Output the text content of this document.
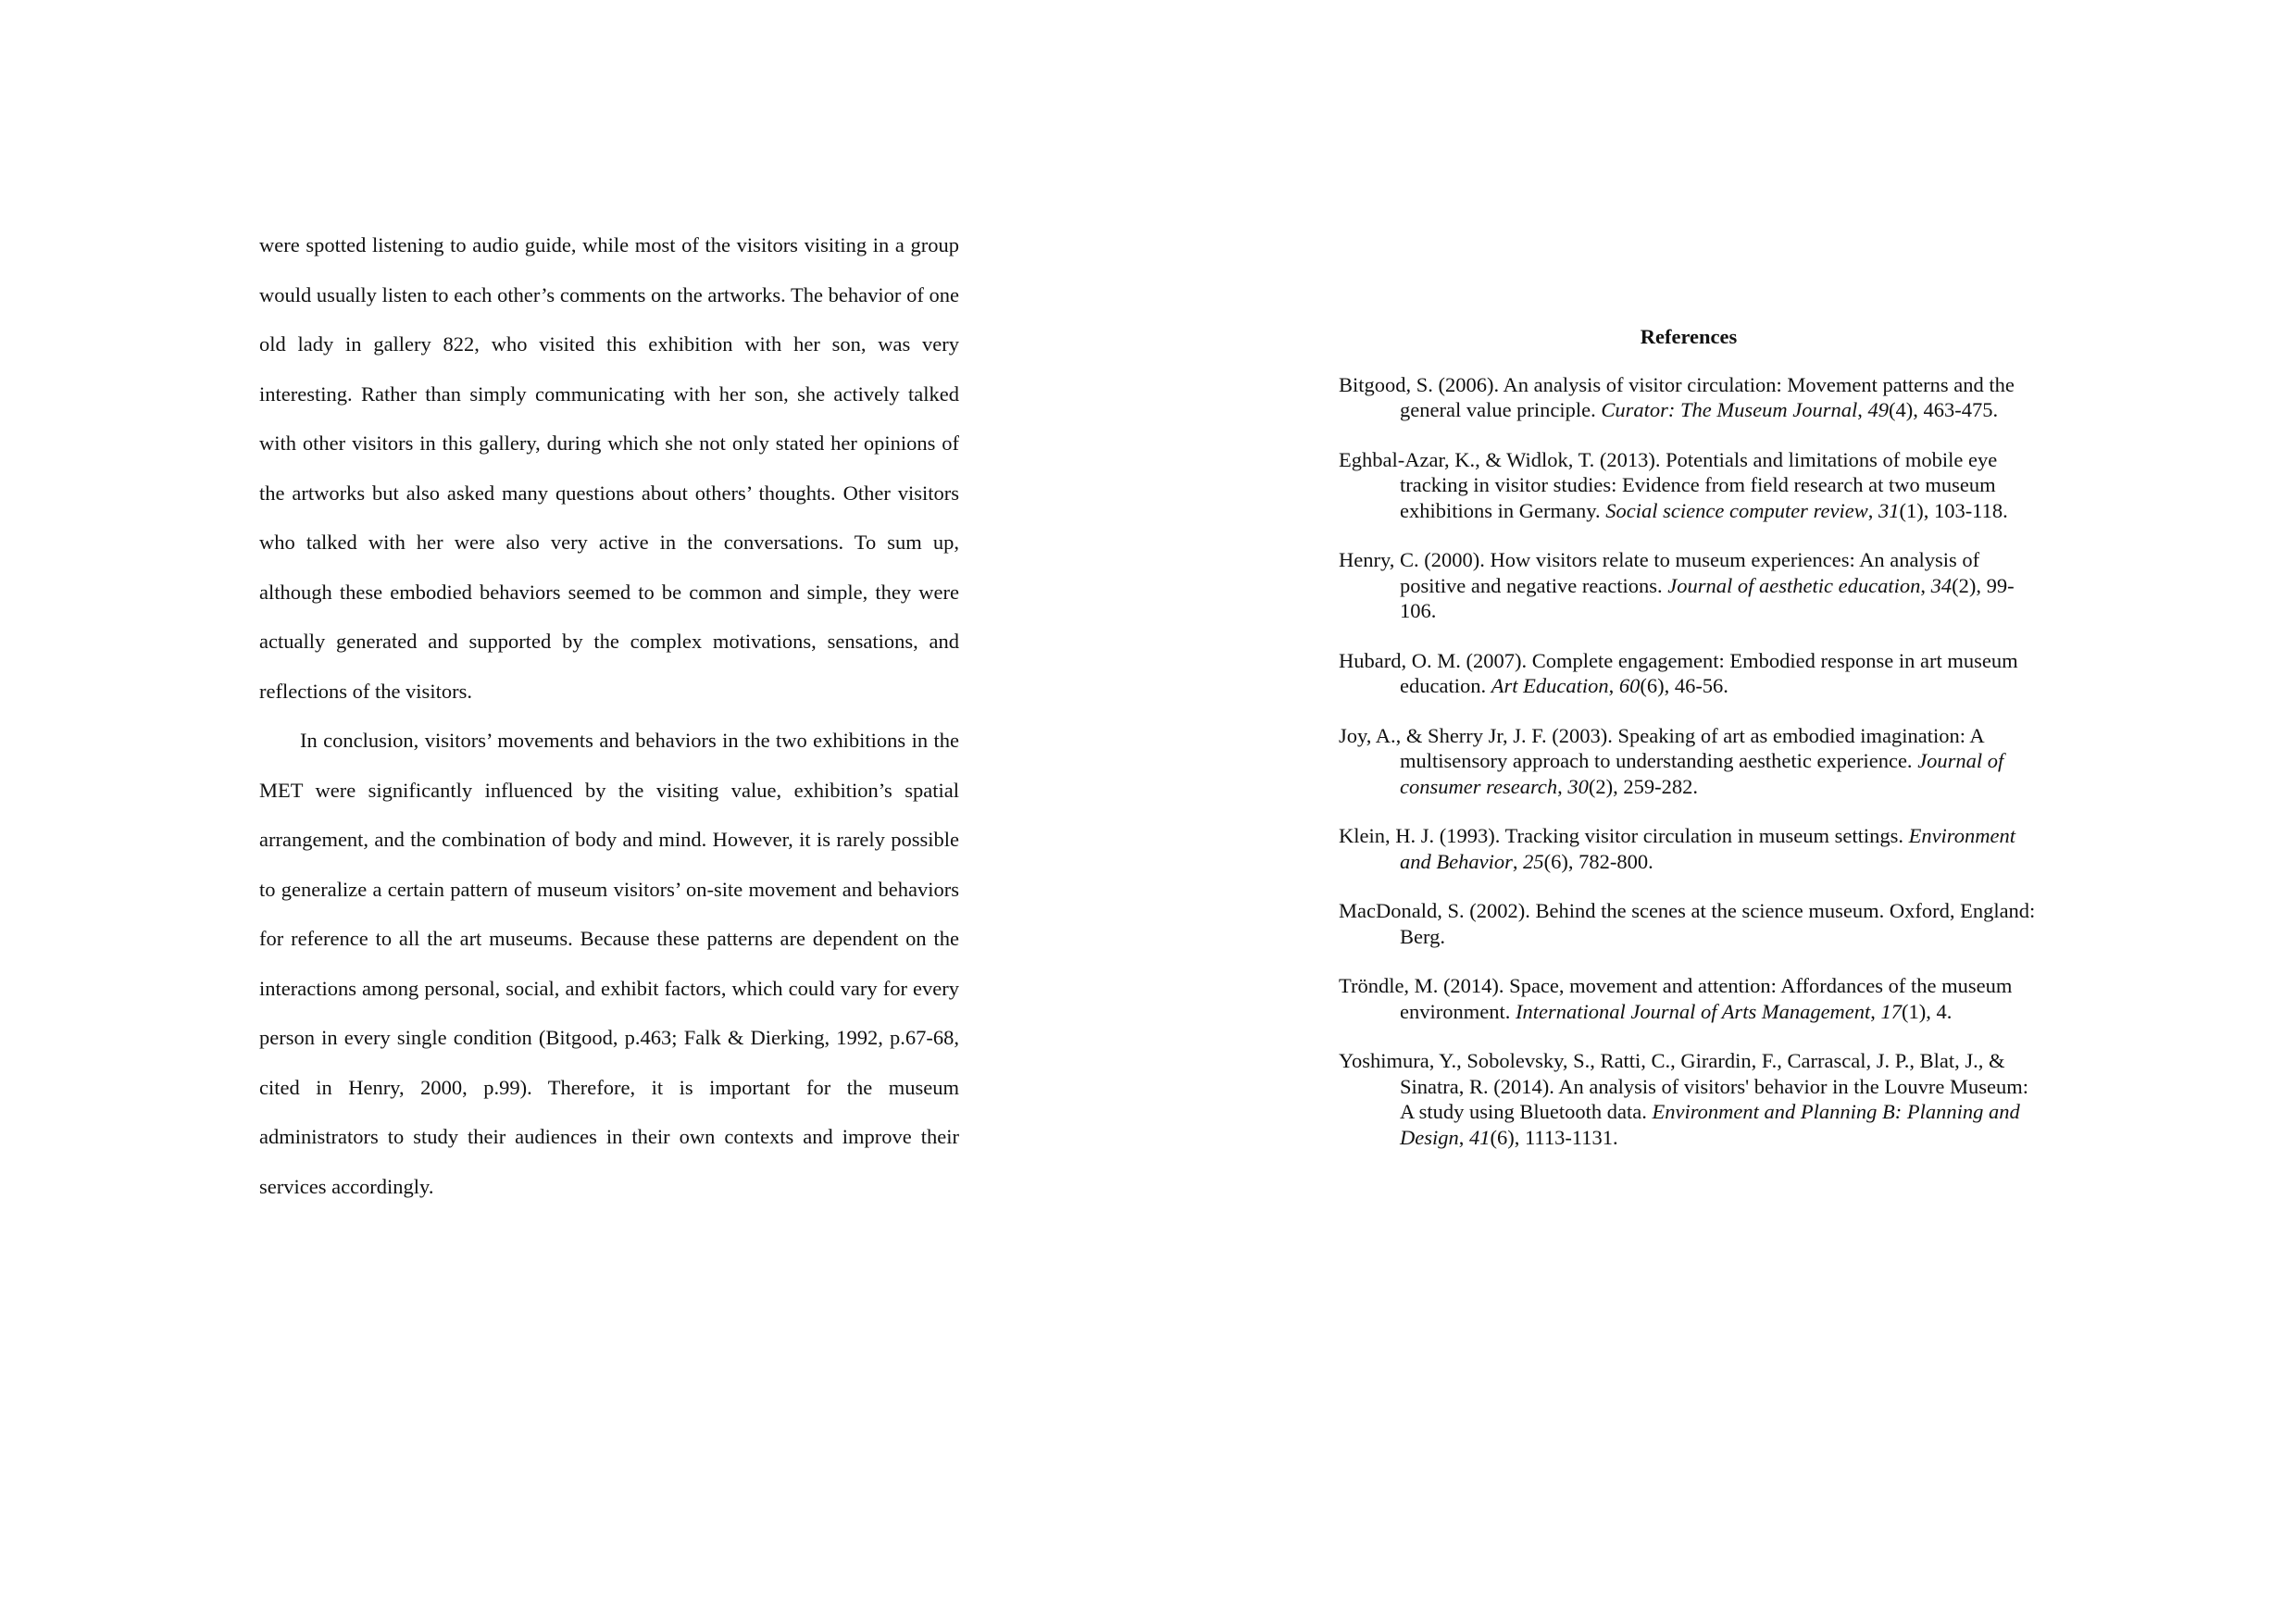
were spotted listening to audio guide, while most of the visitors visiting in a group would usually listen to each other’s comments on the artworks. The behavior of one old lady in gallery 822, who visited this exhibition with her son, was very interesting. Rather than simply communicating with her son, she actively talked with other visitors in this gallery, during which she not only stated her opinions of the artworks but also asked many questions about others’ thoughts. Other visitors who talked with her were also very active in the conversations. To sum up, although these embodied behaviors seemed to be common and simple, they were actually generated and supported by the complex motivations, sensations, and reflections of the visitors.

In conclusion, visitors’ movements and behaviors in the two exhibitions in the MET were significantly influenced by the visiting value, exhibition’s spatial arrangement, and the combination of body and mind. However, it is rarely possible to generalize a certain pattern of museum visitors’ on-site movement and behaviors for reference to all the art museums. Because these patterns are dependent on the interactions among personal, social, and exhibit factors, which could vary for every person in every single condition (Bitgood, p.463; Falk & Dierking, 1992, p.67-68, cited in Henry, 2000, p.99). Therefore, it is important for the museum administrators to study their audiences in their own contexts and improve their services accordingly.

References
Bitgood, S. (2006). An analysis of visitor circulation: Movement patterns and the general value principle. Curator: The Museum Journal, 49(4), 463-475.
Eghbal-Azar, K., & Widlok, T. (2013). Potentials and limitations of mobile eye tracking in visitor studies: Evidence from field research at two museum exhibitions in Germany. Social science computer review, 31(1), 103-118.
Henry, C. (2000). How visitors relate to museum experiences: An analysis of positive and negative reactions. Journal of aesthetic education, 34(2), 99-106.
Hubard, O. M. (2007). Complete engagement: Embodied response in art museum education. Art Education, 60(6), 46-56.
Joy, A., & Sherry Jr, J. F. (2003). Speaking of art as embodied imagination: A multisensory approach to understanding aesthetic experience. Journal of consumer research, 30(2), 259-282.
Klein, H. J. (1993). Tracking visitor circulation in museum settings. Environment and Behavior, 25(6), 782-800.
MacDonald, S. (2002). Behind the scenes at the science museum. Oxford, England: Berg.
Tröndle, M. (2014). Space, movement and attention: Affordances of the museum environment. International Journal of Arts Management, 17(1), 4.
Yoshimura, Y., Sobolevsky, S., Ratti, C., Girardin, F., Carrascal, J. P., Blat, J., & Sinatra, R. (2014). An analysis of visitors' behavior in the Louvre Museum: A study using Bluetooth data. Environment and Planning B: Planning and Design, 41(6), 1113-1131.
